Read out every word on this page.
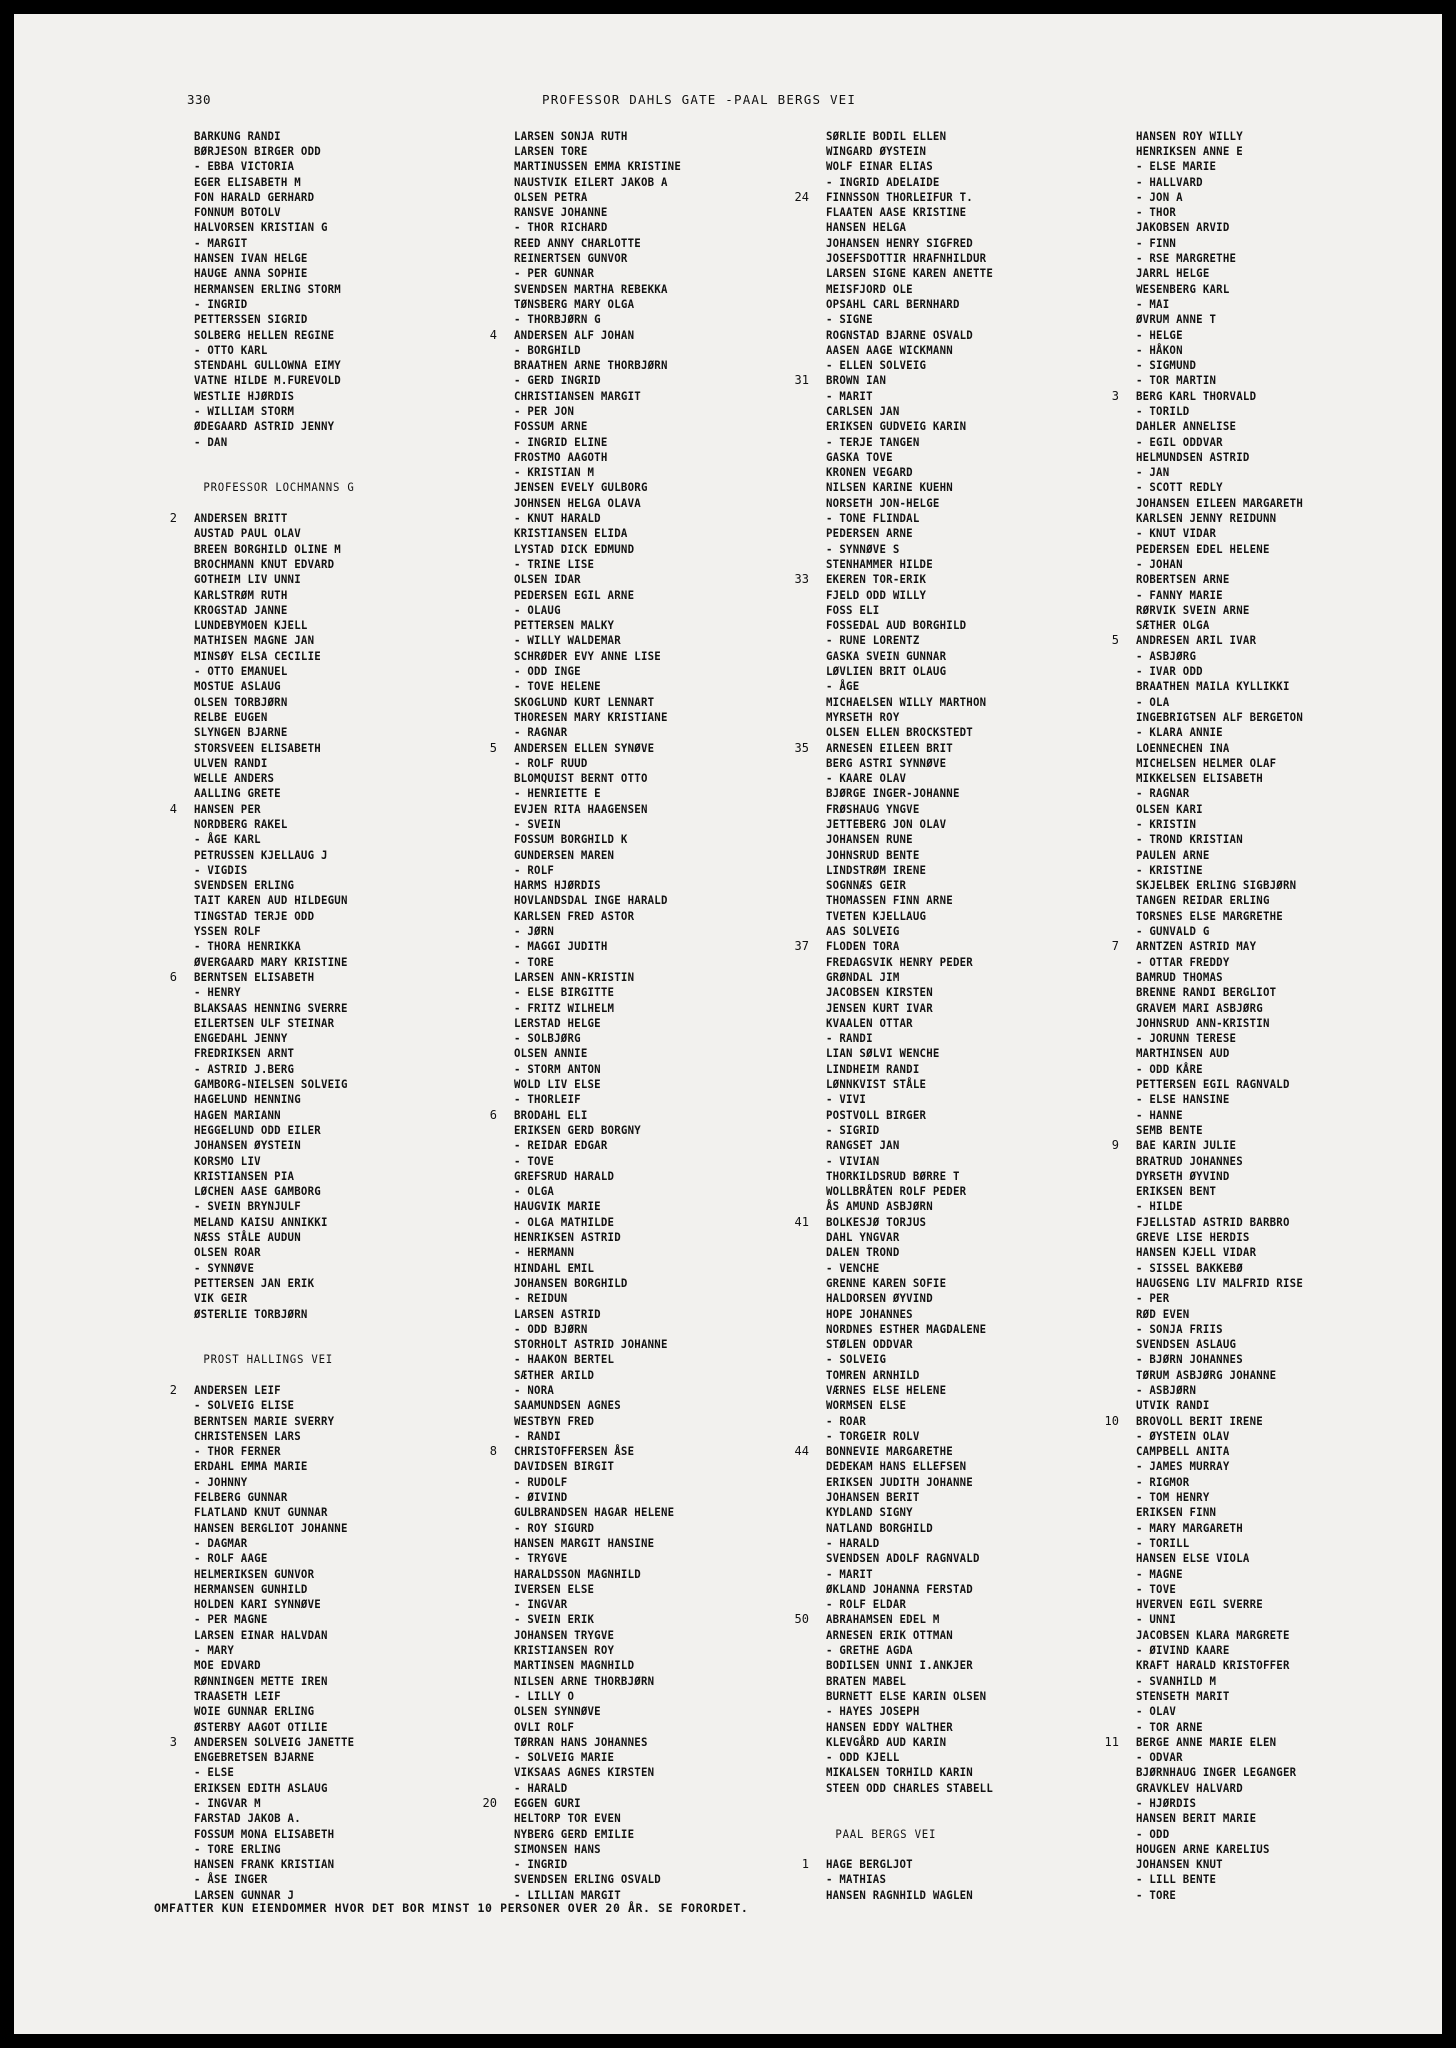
330	PROFESSOR DAHLS GATE -PAAL BERGS VEI
BARKUNG RANDI
BØRJESON BIRGER ODD
- EBBA VICTORIA
EGER ELISABETH M
FON HARALD GERHARD
FONNUM BOTOLV
HALVORSEN KRISTIAN G
- MARGIT
HANSEN IVAN HELGE
HAUGE ANNA SOPHIE
HERMANSEN ERLING STORM
- INGRID
PETTERSSEN SIGRID
SOLBERG HELLEN REGINE
- OTTO KARL
STENDAHL GULLOWNA EIMY
VATNE HILDE M.FUREVOLD
WESTLIE HJØRDIS
- WILLIAM STORM
ØDEGAARD ASTRID JENNY
- DAN
PROFESSOR LOCHMANNS G
2	ANDERSEN BRITT
AUSTAD PAUL OLAV
BREEN BORGHILD OLINE M
BROCHMANN KNUT EDVARD
GOTHEIM LIV UNNI
KARLSTRØM RUTH
KROGSTAD JANNE
LUNDEBYMOEN KJELL
MATHISEN MAGNE JAN
MINSØY ELSA CECILIE
- OTTO EMANUEL
MOSTUE ASLAUG
OLSEN TORBJØRN
RELBE EUGEN
SLYNGEN BJARNE
STORSVEEN ELISABETH
ULVEN RANDI
WELLE ANDERS
AALLING GRETE
4	HANSEN PER
NORDBERG RAKEL
- ÅGE KARL
PETRUSSEN KJELLAUG J
- VIGDIS
SVENDSEN ERLING
TAIT KAREN AUD HILDEGUN
TINGSTAD TERJE ODD
YSSEN ROLF
- THORA HENRIKKA
ØVERGAARD MARY KRISTINE
6	BERNTSEN ELISABETH
- HENRY
BLAKSAAS HENNING SVERRE
EILERTSEN ULF STEINAR
ENGEDAHL JENNY
FREDRIKSEN ARNT
- ASTRID J.BERG
GAMBORG-NIELSEN SOLVEIG
HAGELUND HENNING
HAGEN MARIANN
HEGGELUND ODD EILER
JOHANSEN ØYSTEIN
KORSMO LIV
KRISTIANSEN PIA
LØCHEN AASE GAMBORG
- SVEIN BRYNJULF
MELAND KAISU ANNIKKI
NÆSS STÅLE AUDUN
OLSEN ROAR
- SYNNØVE
PETTERSEN JAN ERIK
VIK GEIR
ØSTERLIE TORBJØRN
PROST HALLINGS VEI
2	ANDERSEN LEIF
- SOLVEIG ELISE
BERNTSEN MARIE SVERRY
CHRISTENSEN LARS
- THOR FERNER
ERDAHL EMMA MARIE
- JOHNNY
FELBERG GUNNAR
FLATLAND KNUT GUNNAR
HANSEN BERGLIOT JOHANNE
- DAGMAR
- ROLF AAGE
HELMERIKSEN GUNVOR
HERMANSEN GUNHILD
HOLDEN KARI SYNNØVE
- PER MAGNE
LARSEN EINAR HALVDAN
- MARY
MOE EDVARD
RØNNINGEN METTE IREN
TRAASETH LEIF
WOIE GUNNAR ERLING
ØSTERBY AAGOT OTILIE
3	ANDERSEN SOLVEIG JANETTE
ENGEBRETSEN BJARNE
- ELSE
ERIKSEN EDITH ASLAUG
- INGVAR M
FARSTAD JAKOB A.
FOSSUM MONA ELISABETH
- TORE ERLING
HANSEN FRANK KRISTIAN
- ÅSE INGER
LARSEN GUNNAR J
LARSEN SONJA RUTH
LARSEN TORE
MARTINUSSEN EMMA KRISTINE
NAUSTVIK EILERT JAKOB A
OLSEN PETRA
RANSVE JOHANNE
- THOR RICHARD
REED ANNY CHARLOTTE
REINERTSEN GUNVOR
- PER GUNNAR
SVENDSEN MARTHA REBEKKA
TØNSBERG MARY OLGA
- THORBJØRN G
4	ANDERSEN ALF JOHAN
- BORGHILD
BRAATHEN ARNE THORBJØRN
- GERD INGRID
CHRISTIANSEN MARGIT
- PER JON
FOSSUM ARNE
- INGRID ELINE
FROSTMO AAGOTH
- KRISTIAN M
JENSEN EVELY GULBORG
JOHNSEN HELGA OLAVA
- KNUT HARALD
KRISTIANSEN ELIDA
LYSTAD DICK EDMUND
- TRINE LISE
OLSEN IDAR
PEDERSEN EGIL ARNE
- OLAUG
PETTERSEN MALKY
- WILLY WALDEMAR
SCHRØDER EVY ANNE LISE
- ODD INGE
- TOVE HELENE
SKOGLUND KURT LENNART
THORESEN MARY KRISTIANE
- RAGNAR
5	ANDERSEN ELLEN SYNØVE
- ROLF RUUD
BLOMQUIST BERNT OTTO
- HENRIETTE E
EVJEN RITA HAAGENSEN
- SVEIN
FOSSUM BORGHILD K
GUNDERSEN MAREN
- ROLF
HARMS HJØRDIS
HOVLANDSDAL INGE HARALD
KARLSEN FRED ASTOR
- JØRN
- MAGGI JUDITH
- TORE
LARSEN ANN-KRISTIN
- ELSE BIRGITTE
- FRITZ WILHELM
LERSTAD HELGE
- SOLBJØRG
OLSEN ANNIE
- STORM ANTON
WOLD LIV ELSE
- THORLEIF
6	BRODAHL ELI
ERIKSEN GERD BORGNY
- REIDAR EDGAR
- TOVE
GREFSRUD HARALD
- OLGA
HAUGVIK MARIE
- OLGA MATHILDE
HENRIKSEN ASTRID
- HERMANN
HINDAHL EMIL
JOHANSEN BORGHILD
- REIDUN
LARSEN ASTRID
- ODD BJØRN
STORHOLT ASTRID JOHANNE
- HAAKON BERTEL
SÆTHER ARILD
- NORA
SAAMUNDSEN AGNES
WESTBYN FRED
- RANDI
8	CHRISTOFFERSEN ÅSE
DAVIDSEN BIRGIT
- RUDOLF
- ØIVIND
GULBRANDSEN HAGAR HELENE
- ROY SIGURD
HANSEN MARGIT HANSINE
- TRYGVE
HARALDSSON MAGNHILD
IVERSEN ELSE
- INGVAR
- SVEIN ERIK
JOHANSEN TRYGVE
KRISTIANSEN ROY
MARTINSEN MAGNHILD
NILSEN ARNE THORBJØRN
- LILLY O
OLSEN SYNNØVE
OVLI ROLF
TØRRAN HANS JOHANNES
- SOLVEIG MARIE
VIKSAAS AGNES KIRSTEN
- HARALD
20	EGGEN GURI
HELTORP TOR EVEN
NYBERG GERD EMILIE
SIMONSEN HANS
- INGRID
SVENDSEN ERLING OSVALD
- LILLIAN MARGIT
SØRLIE BODIL ELLEN
WINGARD ØYSTEIN
WOLF EINAR ELIAS
- INGRID ADELAIDE
24	FINNSSON THORLEIFUR T.
FLAATEN AASE KRISTINE
HANSEN HELGA
JOHANSEN HENRY SIGFRED
JOSEFSDOTTIR HRAFNHILDUR
LARSEN SIGNE KAREN ANETTE
MEISFJORD OLE
OPSAHL CARL BERNHARD
- SIGNE
ROGNSTAD BJARNE OSVALD
AASEN AAGE WICKMANN
- ELLEN SOLVEIG
31	BROWN IAN
- MARIT
CARLSEN JAN
ERIKSEN GUDVEIG KARIN
- TERJE TANGEN
GASKA TOVE
KRONEN VEGARD
NILSEN KARINE KUEHN
NORSETH JON-HELGE
- TONE FLINDAL
PEDERSEN ARNE
- SYNNØVE S
STENHAMMER HILDE
33	EKEREN TOR-ERIK
FJELD ODD WILLY
FOSS ELI
FOSSEDAL AUD BORGHILD
- RUNE LORENTZ
GASKA SVEIN GUNNAR
LØVLIEN BRIT OLAUG
- ÅGE
MICHAELSEN WILLY MARTHON
MYRSETH ROY
OLSEN ELLEN BROCKSTEDT
35	ARNESEN EILEEN BRIT
BERG ASTRI SYNNØVE
- KAARE OLAV
BJØRGE INGER-JOHANNE
FRØSHAUG YNGVE
JETTEBERG JON OLAV
JOHANSEN RUNE
JOHNSRUD BENTE
LINDSTRØM IRENE
SOGNNÆS GEIR
THOMASSEN FINN ARNE
TVETEN KJELLAUG
AAS SOLVEIG
37	FLODEN TORA
FREDAGSVIK HENRY PEDER
GRØNDAL JIM
JACOBSEN KIRSTEN
JENSEN KURT IVAR
KVAALEN OTTAR
- RANDI
LIAN SØLVI WENCHE
LINDHEIM RANDI
LØNNKVIST STÅLE
- VIVI
POSTVOLL BIRGER
- SIGRID
RANGSET JAN
- VIVIAN
THORKILDSRUD BØRRE T
WOLLBRÅTEN ROLF PEDER
ÅS AMUND ASBJØRN
41	BOLKESJØ TORJUS
DAHL YNGVAR
DALEN TROND
- VENCHE
GRENNE KAREN SOFIE
HALDORSEN ØYVIND
HOPE JOHANNES
NORDNES ESTHER MAGDALENE
STØLEN ODDVAR
- SOLVEIG
TOMREN ARNHILD
VÆRNES ELSE HELENE
WORMSEN ELSE
- ROAR
- TORGEIR ROLV
44	BONNEVIE MARGARETHE
DEDEKAM HANS ELLEFSEN
ERIKSEN JUDITH JOHANNE
JOHANSEN BERIT
KYDLAND SIGNY
NATLAND BORGHILD
- HARALD
SVENDSEN ADOLF RAGNVALD
- MARIT
ØKLAND JOHANNA FERSTAD
- ROLF ELDAR
50	ABRAHAMSEN EDEL M
ARNESEN ERIK OTTMAN
- GRETHE AGDA
BODILSEN UNNI I.ANKJER
BRATEN MABEL
BURNETT ELSE KARIN OLSEN
- HAYES JOSEPH
HANSEN EDDY WALTHER
KLEVGÅRD AUD KARIN
- ODD KJELL
MIKALSEN TORHILD KARIN
STEEN ODD CHARLES STABELL
PAAL BERGS VEI
1	HAGE BERGLJOT
- MATHIAS
HANSEN RAGNHILD WAGLEN
HANSEN ROY WILLY
HENRIKSEN ANNE E
- ELSE MARIE
- HALLVARD
- JON A
- THOR
JAKOBSEN ARVID
- FINN
- RSE MARGRETHE
JARRL HELGE
WESENBERG KARL
- MAI
ØVRUM ANNE T
- HELGE
- HÅKON
- SIGMUND
- TOR MARTIN
3	BERG KARL THORVALD
- TORILD
DAHLER ANNELISE
- EGIL ODDVAR
HELMUNDSEN ASTRID
- JAN
- SCOTT REDLY
JOHANSEN EILEEN MARGARETH
KARLSEN JENNY REIDUNN
- KNUT VIDAR
PEDERSEN EDEL HELENE
- JOHAN
ROBERTSEN ARNE
- FANNY MARIE
RØRVIK SVEIN ARNE
SÆTHER OLGA
5	ANDRESEN ARIL IVAR
- ASBJØRG
- IVAR ODD
BRAATHEN MAILA KYLLIKKI
- OLA
INGEBRIGTSEN ALF BERGETON
- KLARA ANNIE
LOENNECHEN INA
MICHELSEN HELMER OLAF
MIKKELSEN ELISABETH
- RAGNAR
OLSEN KARI
- KRISTIN
- TROND KRISTIAN
PAULEN ARNE
- KRISTINE
SKJELBEK ERLING SIGBJØRN
TANGEN REIDAR ERLING
TORSNES ELSE MARGRETHE
- GUNVALD G
7	ARNTZEN ASTRID MAY
- OTTAR FREDDY
BAMRUD THOMAS
BRENNE RANDI BERGLIOT
GRAVEM MARI ASBJØRG
JOHNSRUD ANN-KRISTIN
- JORUNN TERESE
MARTHINSEN AUD
- ODD KÅRE
PETTERSEN EGIL RAGNVALD
- ELSE HANSINE
- HANNE
SEMB BENTE
9	BAE KARIN JULIE
BRATRUD JOHANNES
DYRSETH ØYVIND
ERIKSEN BENT
- HILDE
FJELLSTAD ASTRID BARBRO
GREVE LISE HERDIS
HANSEN KJELL VIDAR
- SISSEL BAKKEBØ
HAUGSENG LIV MALFRID RISE
- PER
RØD EVEN
- SONJA FRIIS
SVENDSEN ASLAUG
- BJØRN JOHANNES
TØRUM ASBJØRG JOHANNE
- ASBJØRN
UTVIK RANDI
10	BROVOLL BERIT IRENE
- ØYSTEIN OLAV
CAMPBELL ANITA
- JAMES MURRAY
- RIGMOR
- TOM HENRY
ERIKSEN FINN
- MARY MARGARETH
- TORILL
HANSEN ELSE VIOLA
- MAGNE
- TOVE
HVERVEN EGIL SVERRE
- UNNI
JACOBSEN KLARA MARGRETE
- ØIVIND KAARE
KRAFT HARALD KRISTOFFER
- SVANHILD M
STENSETH MARIT
- OLAV
- TOR ARNE
11	BERGE ANNE MARIE ELEN
- ODVAR
BJØRNHAUG INGER LEGANGER
GRAVKLEV HALVARD
- HJØRDIS
HANSEN BERIT MARIE
- ODD
HOUGEN ARNE KARELIUS
JOHANSEN KNUT
- LILL BENTE
- TORE
OMFATTER KUN EIENDOMMER HVOR DET BOR MINST 10 PERSONER OVER 20 ÅR. SE FORORDET.
